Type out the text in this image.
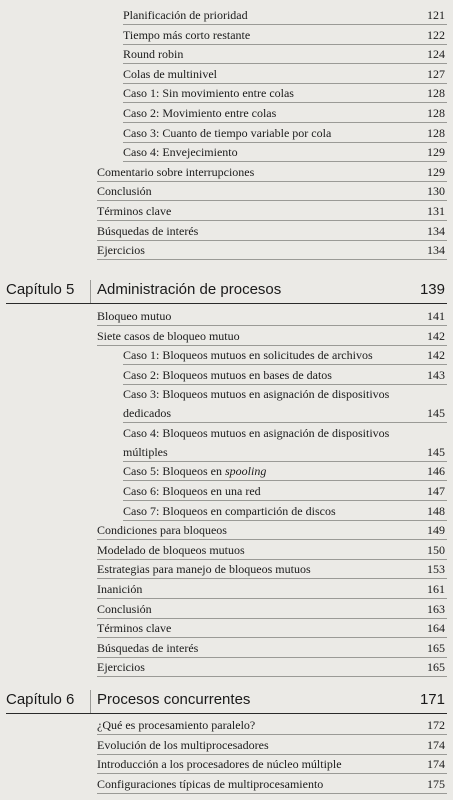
Planificación de prioridad	121
Tiempo más corto restante	122
Round robin	124
Colas de multinivel	127
Caso 1: Sin movimiento entre colas	128
Caso 2: Movimiento entre colas	128
Caso 3: Cuanto de tiempo variable por cola	128
Caso 4: Envejecimiento	129
Comentario sobre interrupciones	129
Conclusión	130
Términos clave	131
Búsquedas de interés	134
Ejercicios	134
Capítulo 5 Administración de procesos	139
Bloqueo mutuo	141
Siete casos de bloqueo mutuo	142
Caso 1: Bloqueos mutuos en solicitudes de archivos	142
Caso 2: Bloqueos mutuos en bases de datos	143
Caso 3: Bloqueos mutuos en asignación de dispositivos dedicados	145
Caso 4: Bloqueos mutuos en asignación de dispositivos múltiples	145
Caso 5: Bloqueos en spooling	146
Caso 6: Bloqueos en una red	147
Caso 7: Bloqueos en compartición de discos	148
Condiciones para bloqueos	149
Modelado de bloqueos mutuos	150
Estrategias para manejo de bloqueos mutuos	153
Inanición	161
Conclusión	163
Términos clave	164
Búsquedas de interés	165
Ejercicios	165
Capítulo 6 Procesos concurrentes	171
¿Qué es procesamiento paralelo?	172
Evolución de los multiprocesadores	174
Introducción a los procesadores de núcleo múltiple	174
Configuraciones típicas de multiprocesamiento	175
